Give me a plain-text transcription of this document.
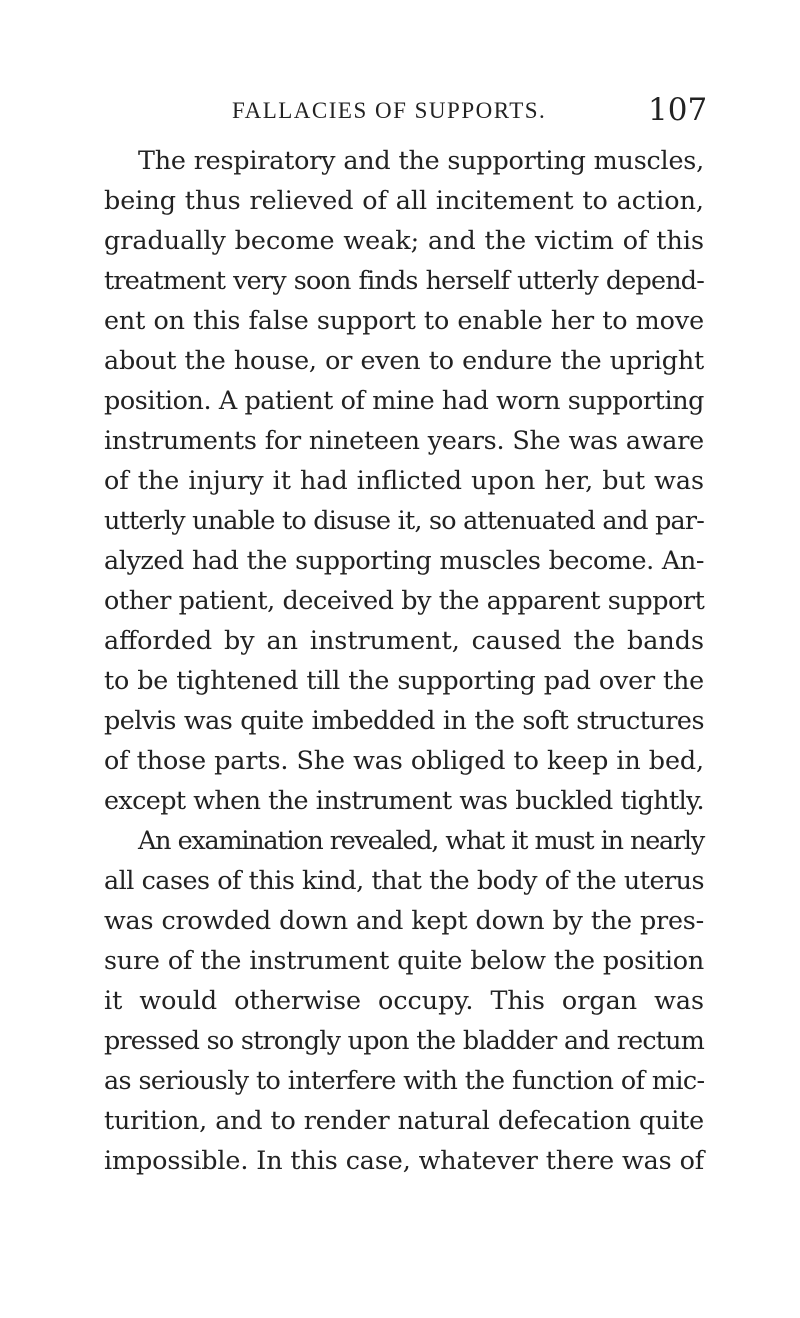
FALLACIES OF SUPPORTS.	107
The respiratory and the supporting muscles,
being thus relieved of all incitement to action,
gradually become weak; and the victim of this
treatment very soon finds herself utterly depend-
ent on this false support to enable her to move
about the house, or even to endure the upright
position. A patient of mine had worn supporting
instruments for nineteen years. She was aware
of the injury it had inflicted upon her, but was
utterly unable to disuse it, so attenuated and par-
alyzed had the supporting muscles become. An-
other patient, deceived by the apparent support
afforded by an instrument, caused the bands
to be tightened till the supporting pad over the
pelvis was quite imbedded in the soft structures
of those parts. She was obliged to keep in bed,
except when the instrument was buckled tightly.
An examination revealed, what it must in nearly
all cases of this kind, that the body of the uterus
was crowded down and kept down by the pres-
sure of the instrument quite below the position
it would otherwise occupy. This organ was
pressed so strongly upon the bladder and rectum
as seriously to interfere with the function of mic-
turition, and to render natural defecation quite
impossible. In this case, whatever there was of
